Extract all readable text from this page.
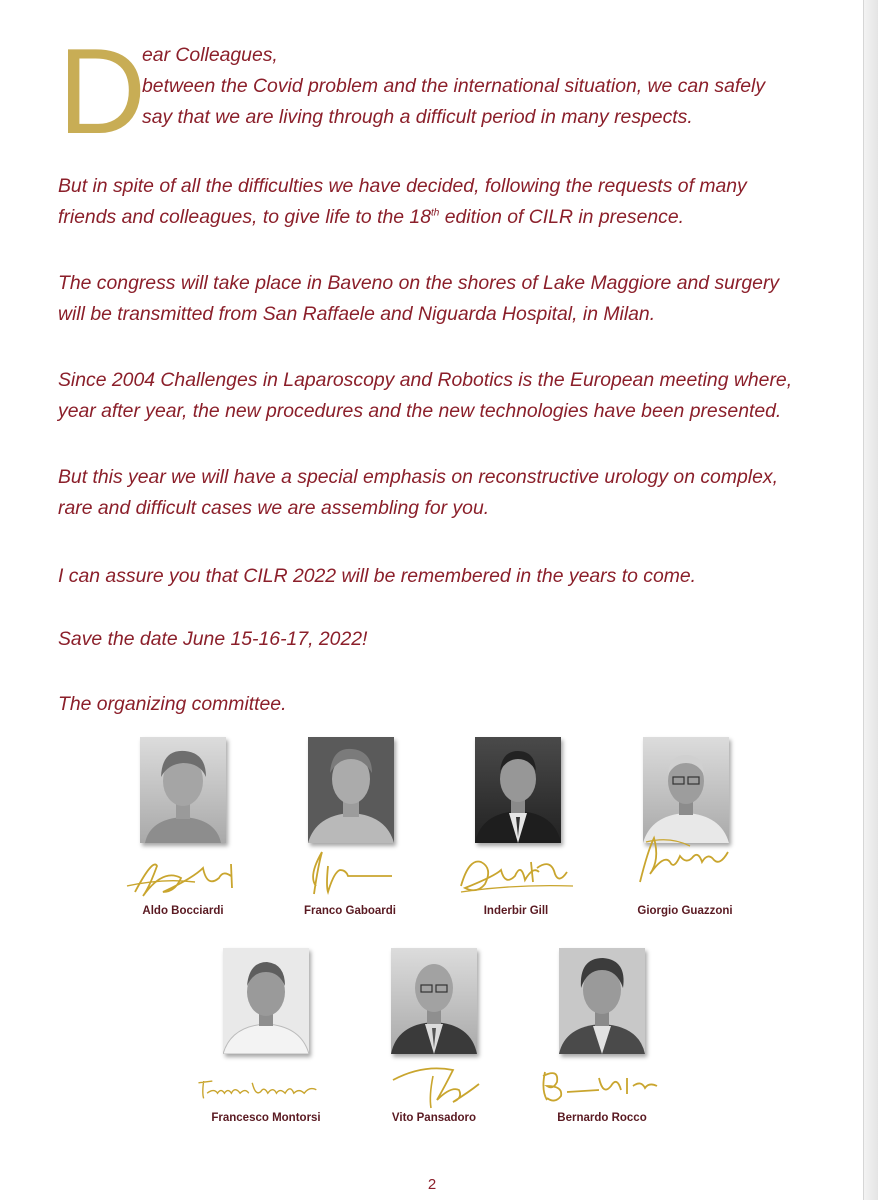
D

ear Colleagues,
between the Covid problem and the international situation, we can safely
say that we are living through a difficult period in many respects.

But in spite of all the difficulties we have decided, following the requests of many
friends and colleagues, to give life to the 18th edition of CILR in presence.

The congress will take place in Baveno on the shores of Lake Maggiore and surgery
will be transmitted from San Raffaele and Niguarda Hospital, in Milan.

Since 2004 Challenges in Laparoscopy and Robotics is the European meeting where,
year after year, the new procedures and the new technologies have been presented.

But this year we will have a special emphasis on reconstructive urology on complex,
rare and difficult cases we are assembling for you.

I can assure you that CILR 2022 will be remembered in the years to come.

Save the date June 15-16-17, 2022!

The organizing committee.

Aldo Bocciardi	Franco Gaboardi	Inderbir Gill	Giorgio Guazzoni
Francesco Montorsi	Vito Pansadoro	Bernardo Rocco
2
